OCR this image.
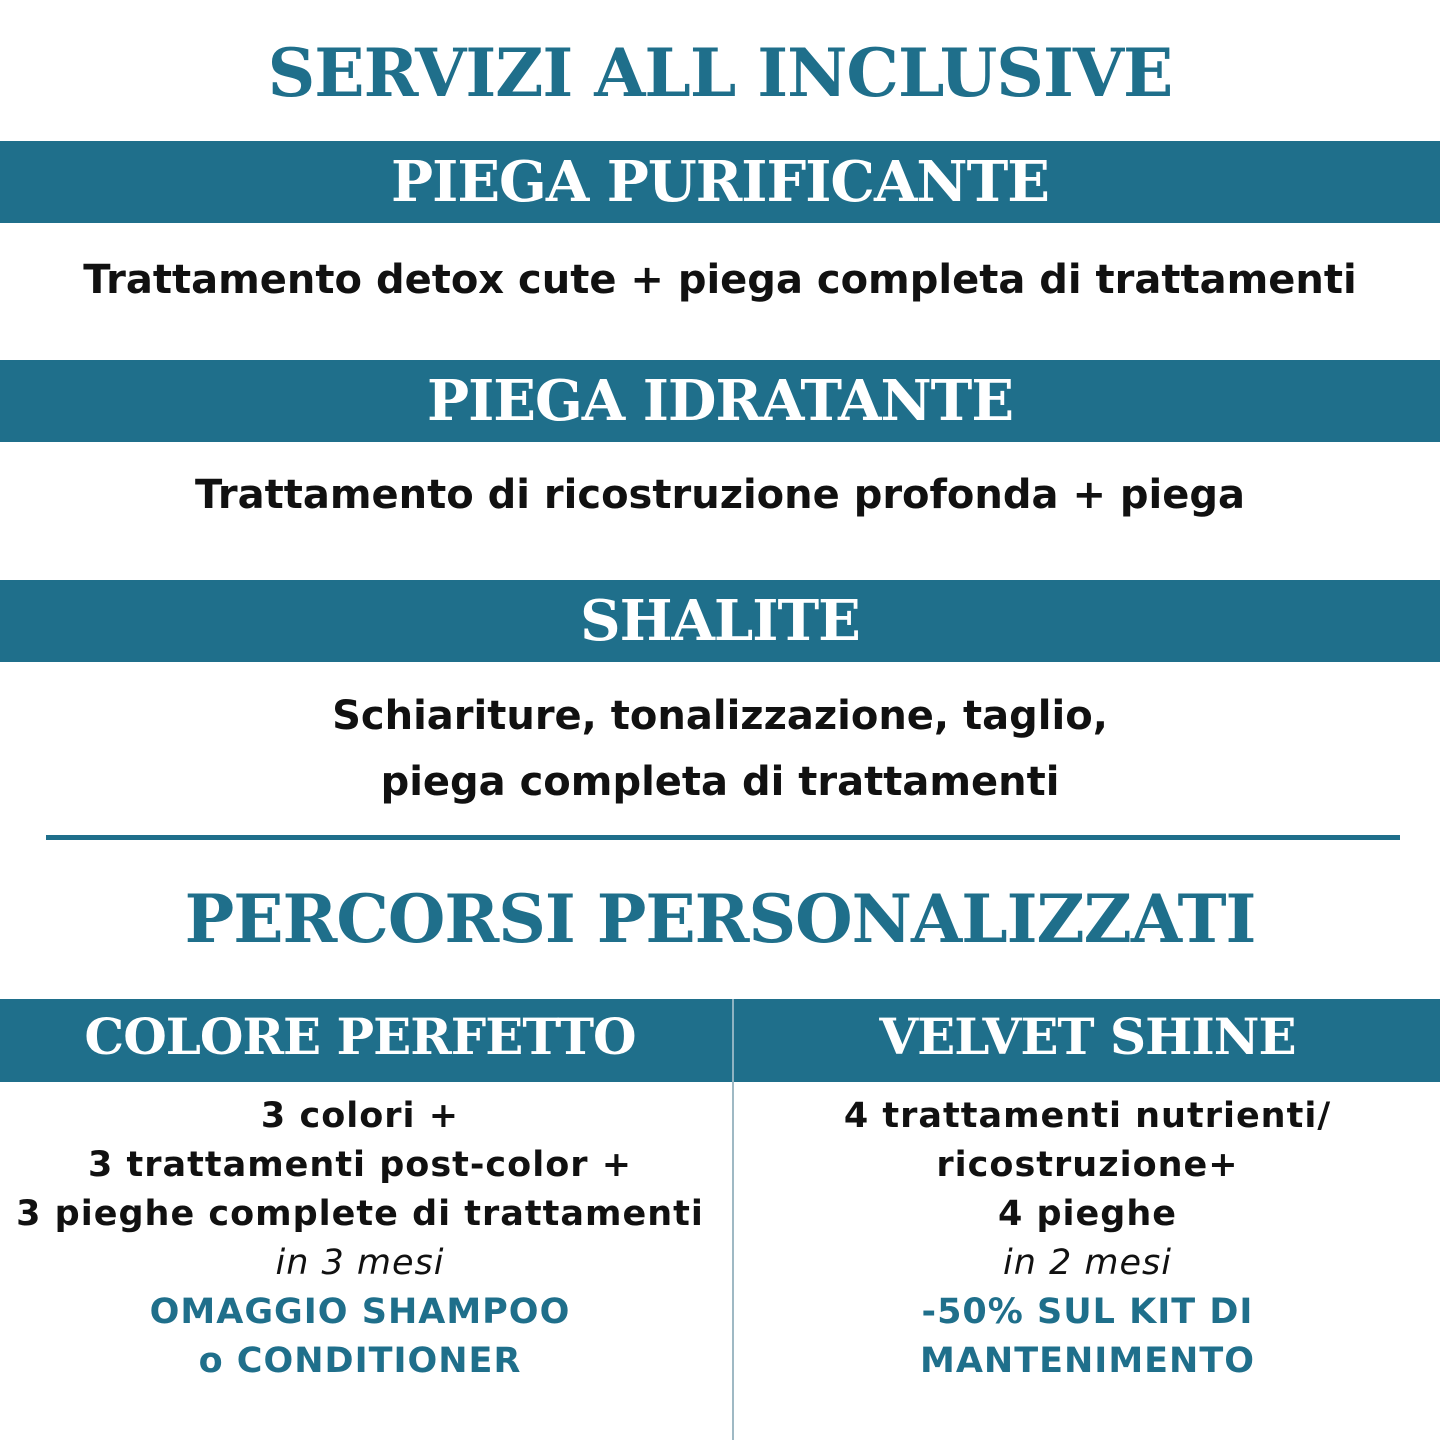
SERVIZI ALL INCLUSIVE
PIEGA PURIFICANTE
Trattamento detox cute + piega completa di trattamenti
PIEGA IDRATANTE
Trattamento di ricostruzione profonda + piega
SHALITE
Schiariture, tonalizzazione, taglio,
piega completa di trattamenti
PERCORSI PERSONALIZZATI
COLORE PERFETTO	VELVET SHINE
3 colori +
3 trattamenti post-color +
3 pieghe complete di trattamenti
in 3 mesi
OMAGGIO SHAMPOO
o CONDITIONER
4 trattamenti nutrienti/
ricostruzione+
4 pieghe
in 2 mesi
-50% SUL KIT DI
MANTENIMENTO
